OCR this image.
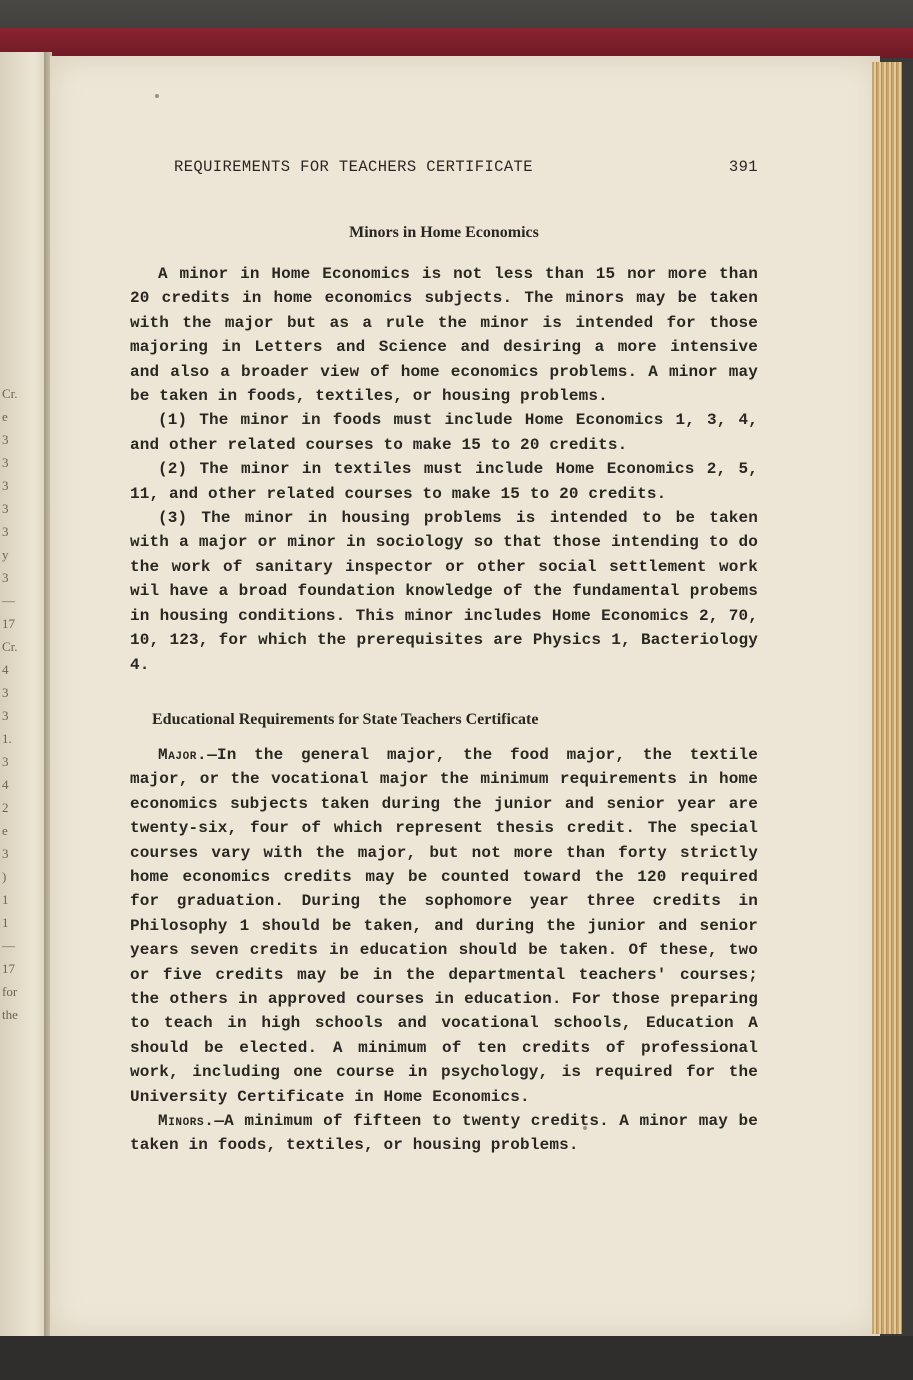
Cr.
e
3
3
3
3
3
y
3
—
17
Cr.
4
3
3
1.
3
4 2
e
3
)
1
1
—
17
for
the
REQUIREMENTS FOR TEACHERS CERTIFICATE	391
Minors in Home Economics

A minor in Home Economics is not less than 15 nor more than 20 credits in home economics subjects. The minors may be taken with the major but as a rule the minor is intended for those majoring in Letters and Science and desiring a more intensive and also a broader view of home economics problems. A minor may be taken in foods, textiles, or housing problems.

(1) The minor in foods must include Home Economics 1, 3, 4, and other related courses to make 15 to 20 credits.

(2) The minor in textiles must include Home Economics 2, 5, 11, and other related courses to make 15 to 20 credits.

(3) The minor in housing problems is intended to be taken with a major or minor in sociology so that those intending to do the work of sanitary inspector or other social settlement work wil have a broad foundation knowledge of the fundamental probems in housing conditions. This minor includes Home Economics 2, 70, 10, 123, for which the prerequisites are Physics 1, Bacteriology 4.

Educational Requirements for State Teachers Certificate

Major.—In the general major, the food major, the textile major, or the vocational major the minimum requirements in home economics subjects taken during the junior and senior year are twenty-six, four of which represent thesis credit. The special courses vary with the major, but not more than forty strictly home economics credits may be counted toward the 120 required for graduation. During the sophomore year three credits in Philosophy 1 should be taken, and during the junior and senior years seven credits in education should be taken. Of these, two or five credits may be in the departmental teachers' courses; the others in approved courses in education. For those preparing to teach in high schools and vocational schools, Education A should be elected. A minimum of ten credits of professional work, including one course in psychology, is required for the University Certificate in Home Economics.

Minors.—A minimum of fifteen to twenty credits. A minor may be taken in foods, textiles, or housing problems.
